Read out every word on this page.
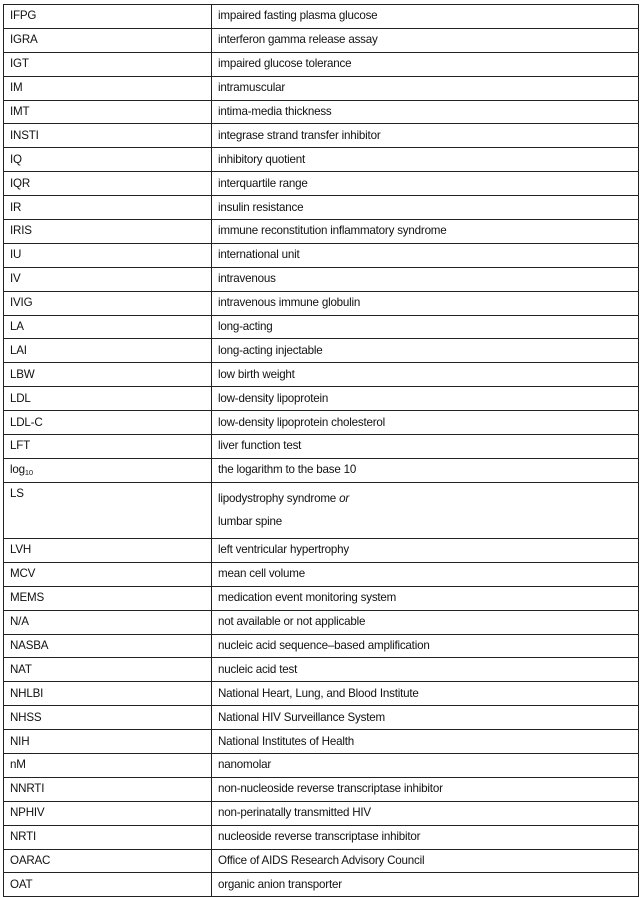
IFPG	impaired fasting plasma glucose
IGRA	interferon gamma release assay
IGT	impaired glucose tolerance
IM	intramuscular
IMT	intima-media thickness
INSTI	integrase strand transfer inhibitor
IQ	inhibitory quotient
IQR	interquartile range
IR	insulin resistance
IRIS	immune reconstitution inflammatory syndrome
IU	international unit
IV	intravenous
IVIG	intravenous immune globulin
LA	long-acting
LAI	long-acting injectable
LBW	low birth weight
LDL	low-density lipoprotein
LDL-C	low-density lipoprotein cholesterol
LFT	liver function test
log10	the logarithm to the base 10
LS	lipodystrophy syndrome or
lumbar spine

LVH	left ventricular hypertrophy
MCV	mean cell volume
MEMS	medication event monitoring system
N/A	not available or not applicable
NASBA	nucleic acid sequence–based amplification
NAT	nucleic acid test
NHLBI	National Heart, Lung, and Blood Institute
NHSS	National HIV Surveillance System
NIH	National Institutes of Health
nM	nanomolar
NNRTI	non-nucleoside reverse transcriptase inhibitor
NPHIV	non-perinatally transmitted HIV
NRTI	nucleoside reverse transcriptase inhibitor
OARAC	Office of AIDS Research Advisory Council
OAT	organic anion transporter
